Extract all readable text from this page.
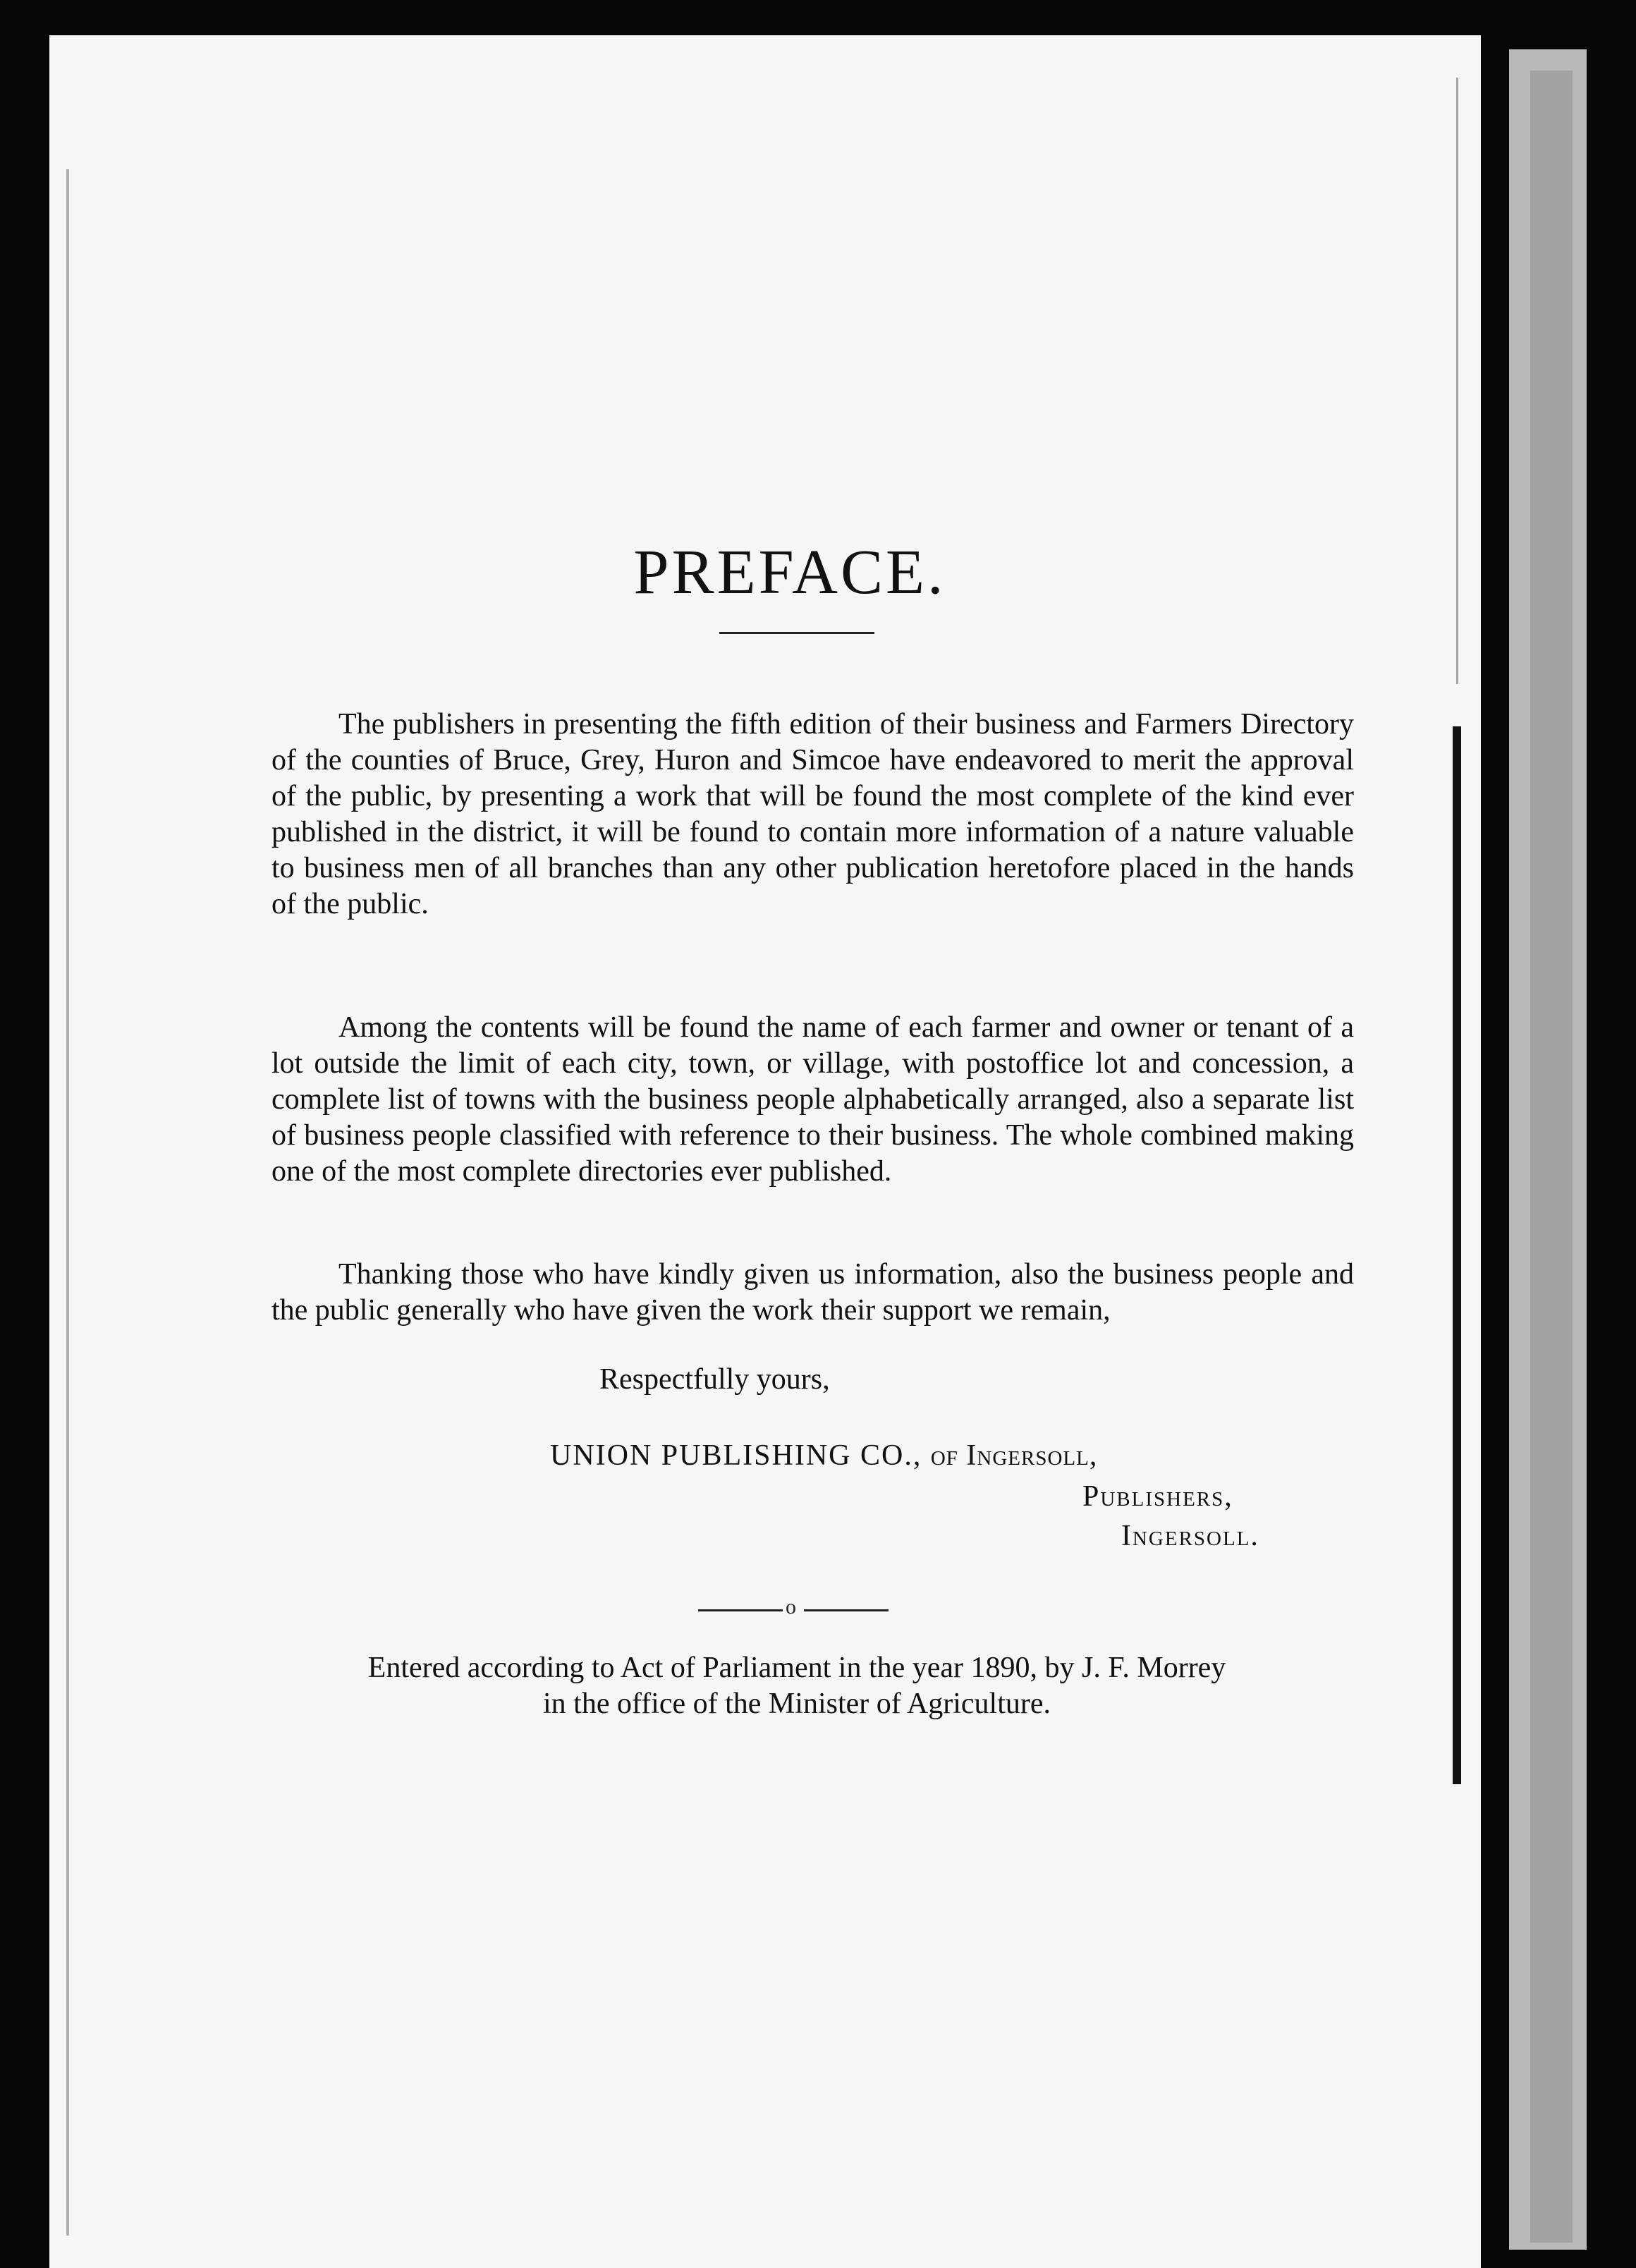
PREFACE.

The publishers in presenting the fifth edition of their business and Farmers Directory of the counties of Bruce, Grey, Huron and Simcoe have endeavored to merit the approval of the public, by presenting a work that will be found the most complete of the kind ever published in the district, it will be found to contain more information of a nature valuable to business men of all branches than any other publication heretofore placed in the hands of the public.

Among the contents will be found the name of each farmer and owner or tenant of a lot outside the limit of each city, town, or village, with postoffice lot and concession, a complete list of towns with the business people alphabetically arranged, also a separate list of business people classified with reference to their business. The whole combined making one of the most complete directories ever published.

Thanking those who have kindly given us information, also the business people and the public generally who have given the work their support we remain,

Respectfully yours,
UNION PUBLISHING CO., of Ingersoll,
Publishers,
Ingersoll.
o
Entered according to Act of Parliament in the year 1890, by J. F. Morrey
in the office of the Minister of Agriculture.
